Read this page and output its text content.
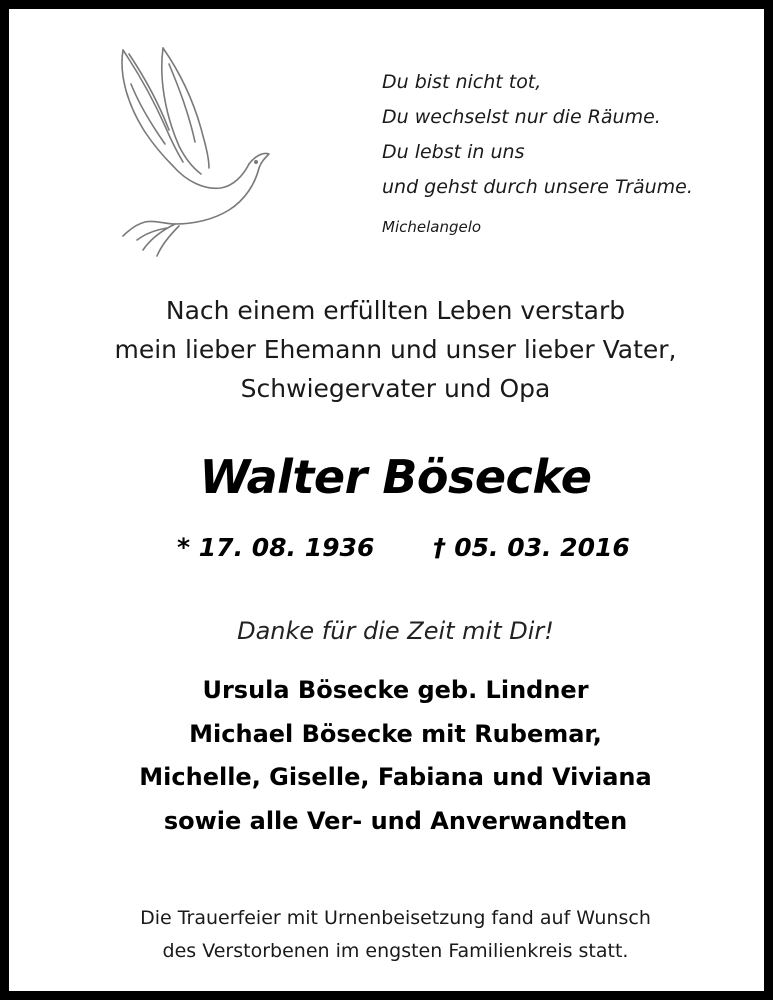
Du bist nicht tot,
Du wechselst nur die Räume.
Du lebst in uns
und gehst durch unsere Träume.
Michelangelo
Nach einem erfüllten Leben verstarb
mein lieber Ehemann und unser lieber Vater,
Schwiegervater und Opa
Walter Bösecke
* 17. 08. 1936 † 05. 03. 2016
Danke für die Zeit mit Dir!
Ursula Bösecke geb. Lindner
Michael Bösecke mit Rubemar,
Michelle, Giselle, Fabiana und Viviana
sowie alle Ver- und Anverwandten
Die Trauerfeier mit Urnenbeisetzung fand auf Wunsch
des Verstorbenen im engsten Familienkreis statt.
